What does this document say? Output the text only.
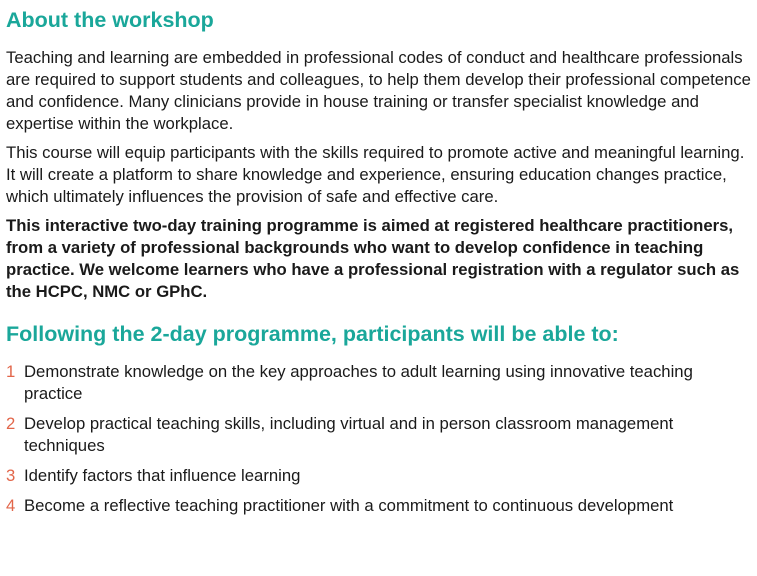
About the workshop

Teaching and learning are embedded in professional codes of conduct and healthcare professionals are required to support students and colleagues, to help them develop their professional competence and confidence. Many clinicians provide in house training or transfer specialist knowledge and expertise within the workplace.

This course will equip participants with the skills required to promote active and meaningful learning. It will create a platform to share knowledge and experience, ensuring education changes practice, which ultimately influences the provision of safe and effective care.

This interactive two-day training programme is aimed at registered healthcare practitioners, from a variety of professional backgrounds who want to develop confidence in teaching practice. We welcome learners who have a professional registration with a regulator such as the HCPC, NMC or GPhC.

Following the 2-day programme, participants will be able to:
1 Demonstrate knowledge on the key approaches to adult learning using innovative teaching practice
2 Develop practical teaching skills, including virtual and in person classroom management techniques
3 Identify factors that influence learning
4 Become a reflective teaching practitioner with a commitment to continuous development
